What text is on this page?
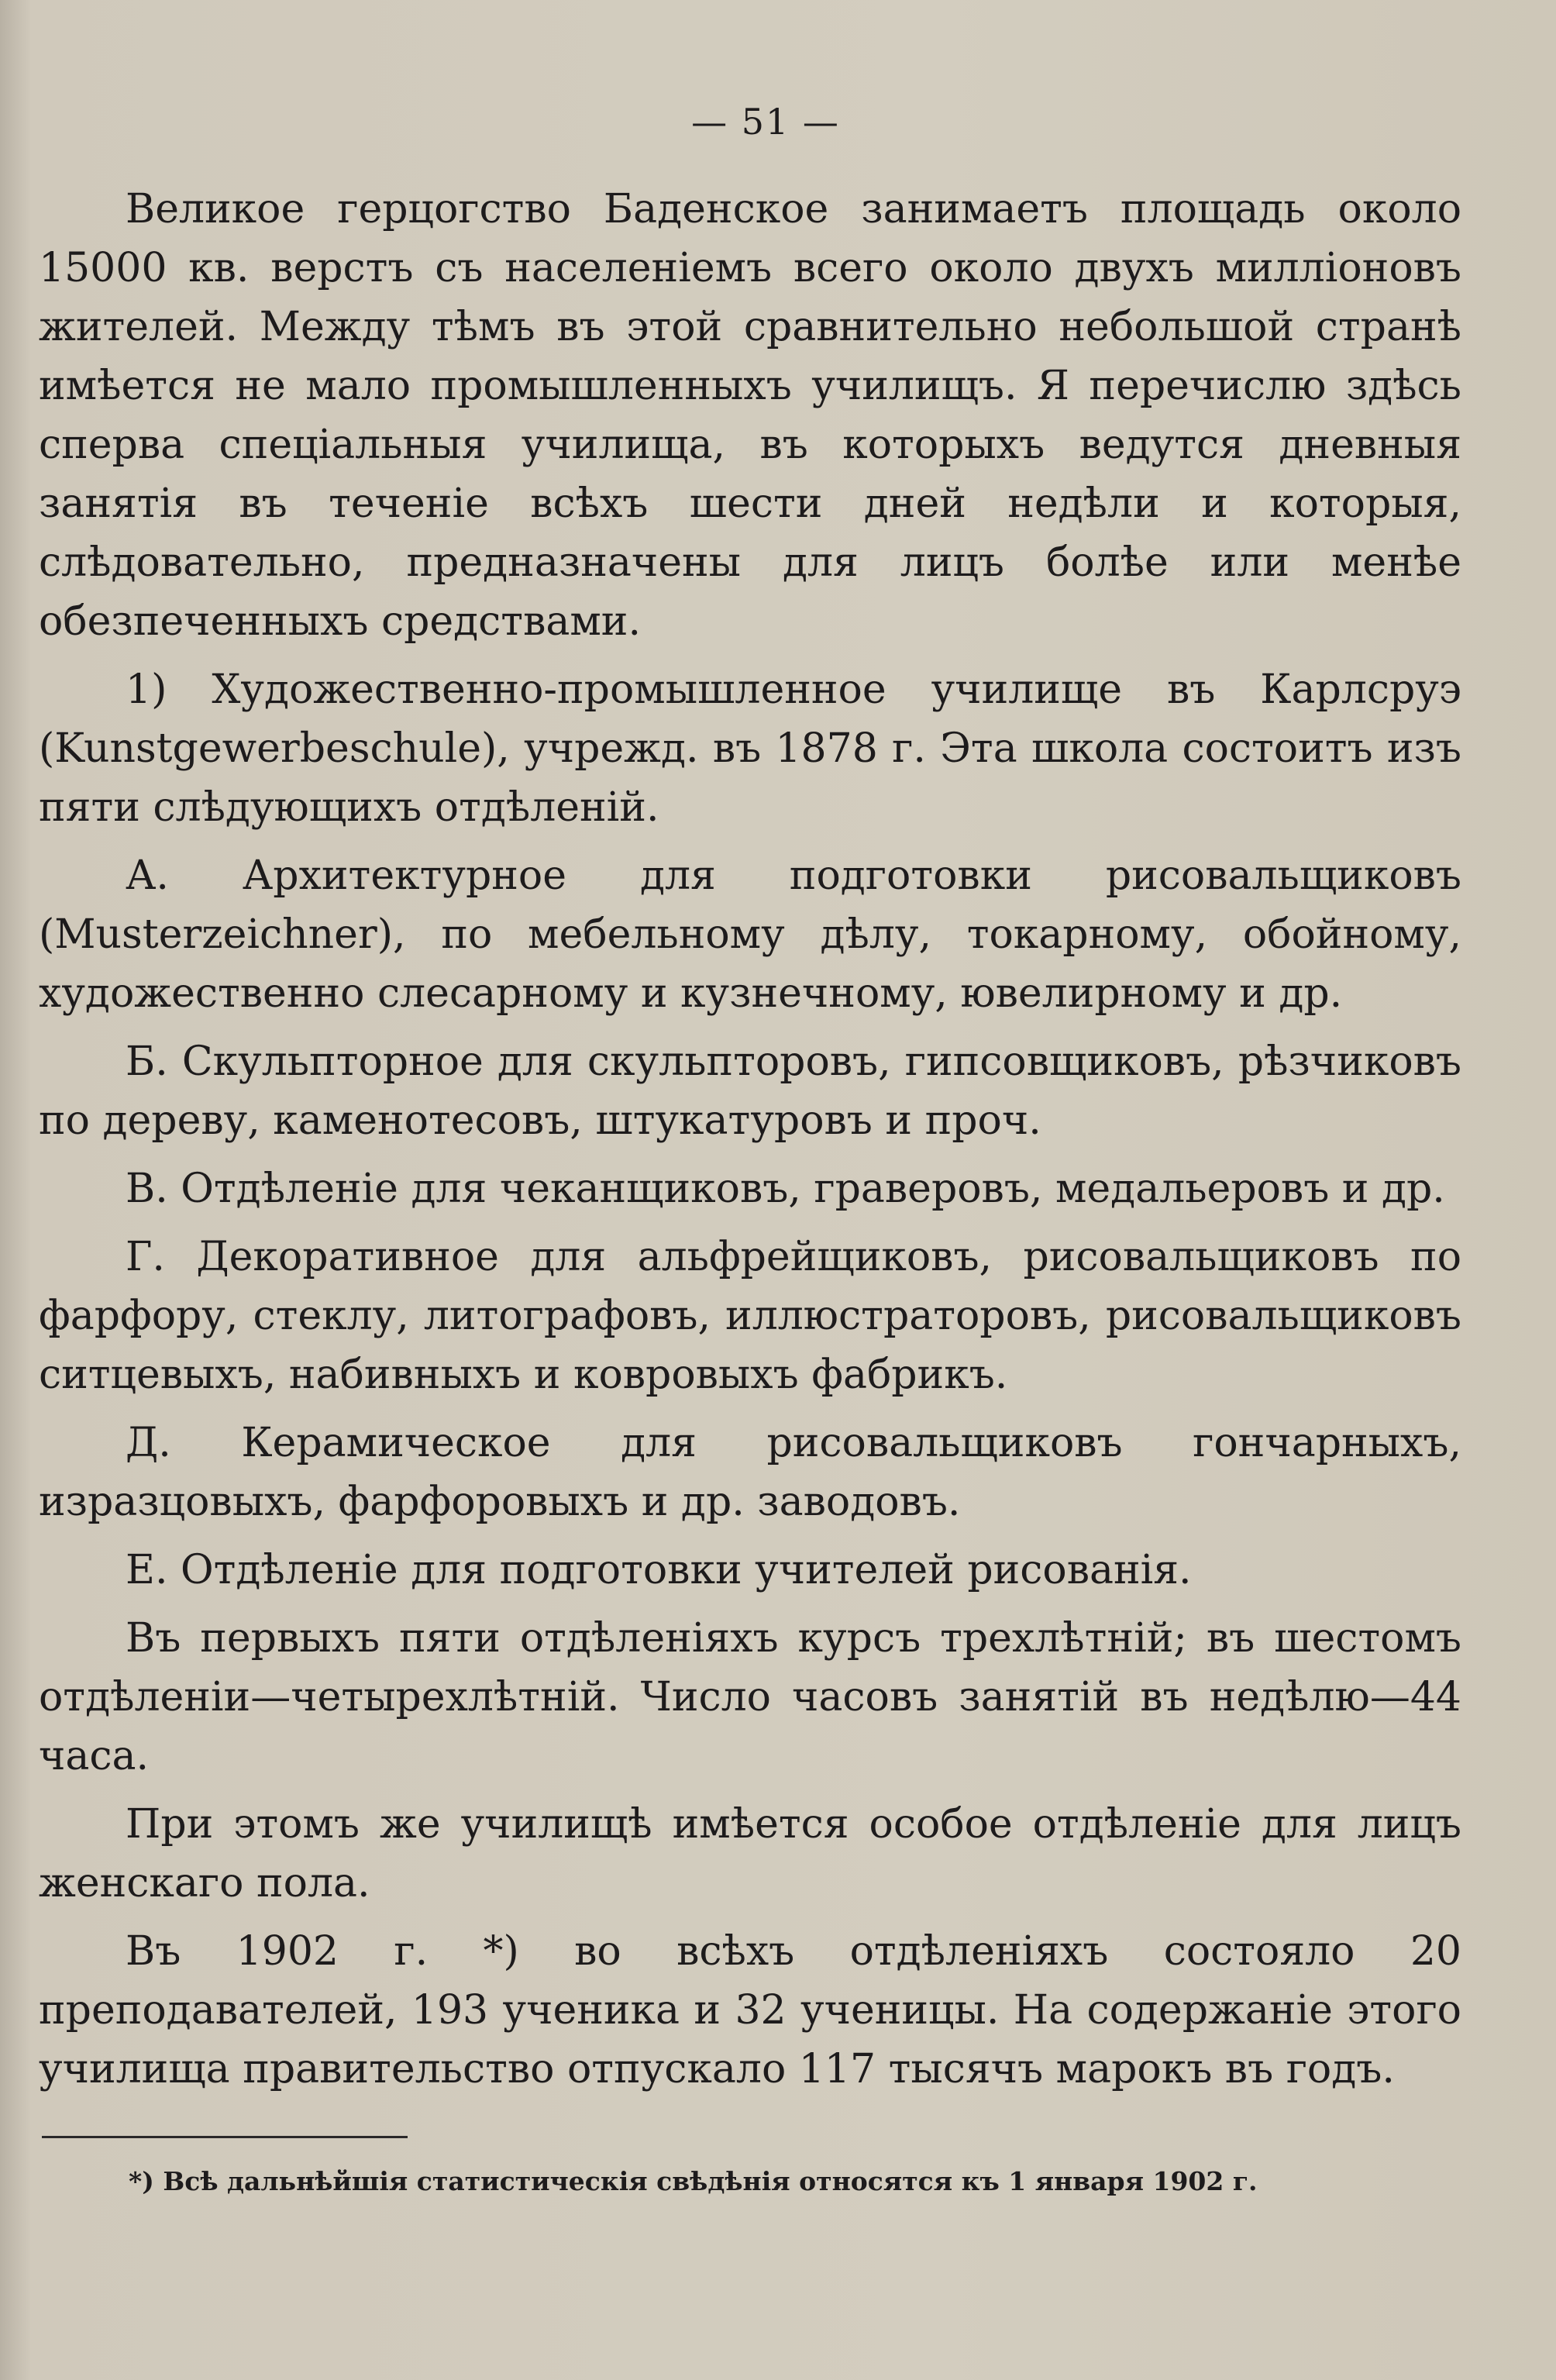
— 51 —

Великое герцогство Баденское занимаетъ площадь около 15000 кв. верстъ съ населеніемъ всего около двухъ милліоновъ жителей. Между тѣмъ въ этой сравнительно небольшой странѣ имѣется не мало промышленныхъ училищъ. Я перечислю здѣсь сперва спеціальныя училища, въ которыхъ ведутся дневныя занятія въ теченіе всѣхъ шести дней недѣли и которыя, слѣдовательно, предназначены для лицъ болѣе или менѣе обезпеченныхъ средствами.

1) Художественно-промышленное училище въ Карлсруэ (Kunstgewerbeschule), учрежд. въ 1878 г. Эта школа состоитъ изъ пяти слѣдующихъ отдѣленій.

А. Архитектурное для подготовки рисовальщиковъ (Musterzeichner), по мебельному дѣлу, токарному, обойному, художественно слесарному и кузнечному, ювелирному и др.

Б. Скульпторное для скульпторовъ, гипсовщиковъ, рѣзчиковъ по дереву, каменотесовъ, штукатуровъ и проч.

В. Отдѣленіе для чеканщиковъ, граверовъ, медальеровъ и др.

Г. Декоративное для альфрейщиковъ, рисовальщиковъ по фарфору, стеклу, литографовъ, иллюстраторовъ, рисовальщиковъ ситцевыхъ, набивныхъ и ковровыхъ фабрикъ.

Д. Керамическое для рисовальщиковъ гончарныхъ, изразцовыхъ, фарфоровыхъ и др. заводовъ.

Е. Отдѣленіе для подготовки учителей рисованія.

Въ первыхъ пяти отдѣленіяхъ курсъ трехлѣтній; въ шестомъ отдѣленіи—четырехлѣтній. Число часовъ занятій въ недѣлю—44 часа.

При этомъ же училищѣ имѣется особое отдѣленіе для лицъ женскаго пола.

Въ 1902 г. *) во всѣхъ отдѣленіяхъ состояло 20 преподавателей, 193 ученика и 32 ученицы. На содержаніе этого училища правительство отпускало 117 тысячъ марокъ въ годъ.

*) Всѣ дальнѣйшія статистическія свѣдѣнія относятся къ 1 января 1902 г.
